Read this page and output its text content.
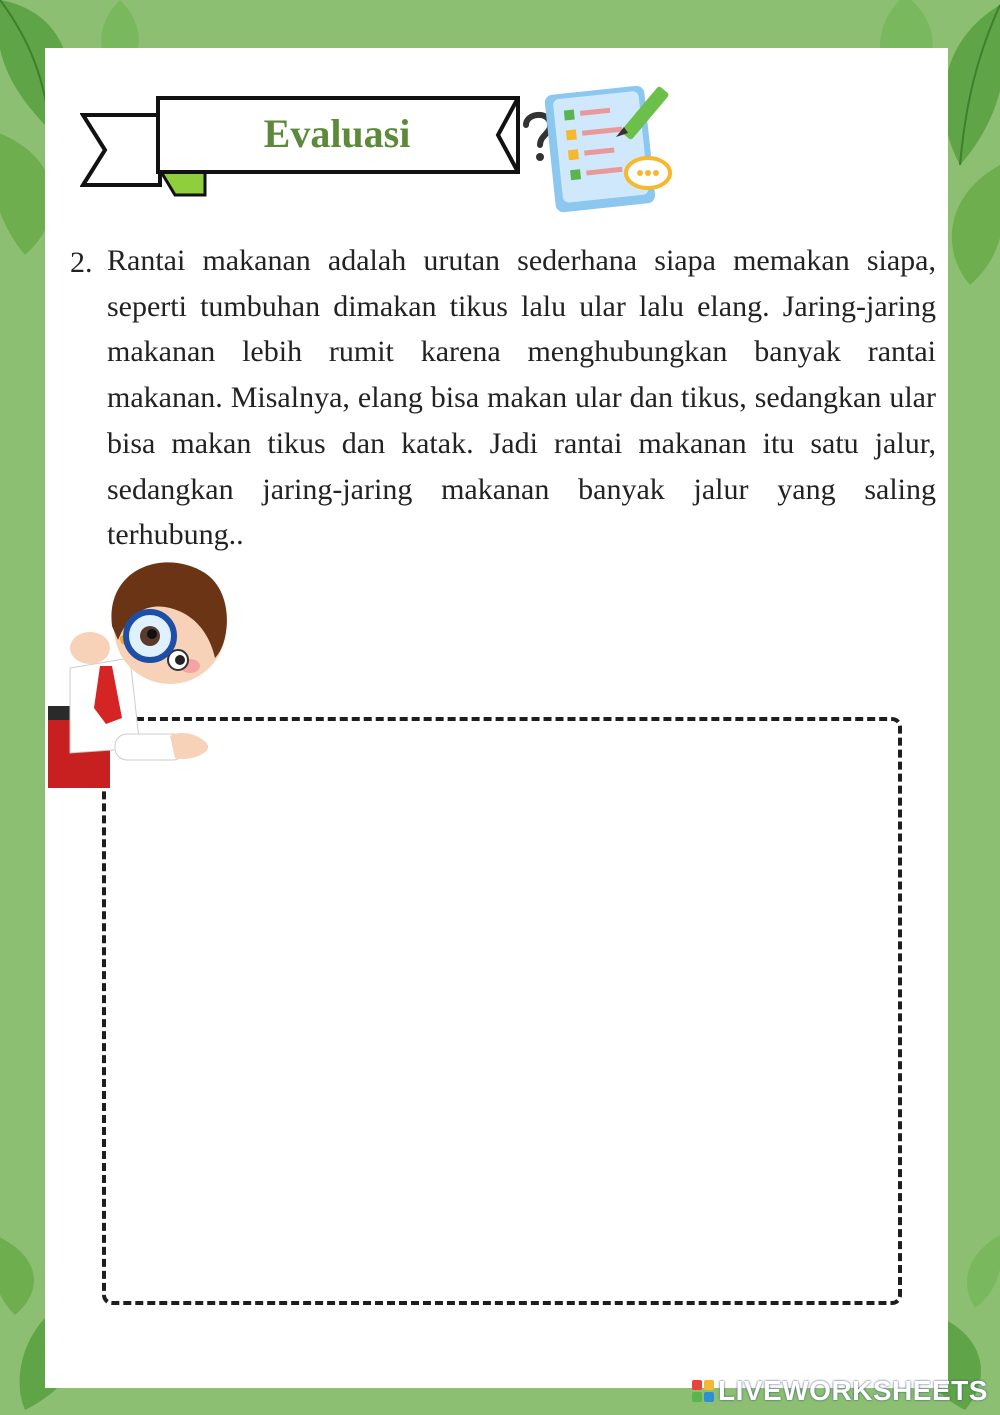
Evaluasi
2. Rantai makanan adalah urutan sederhana siapa memakan siapa, seperti tumbuhan dimakan tikus lalu ular lalu elang. Jaring-jaring makanan lebih rumit karena menghubungkan banyak rantai makanan. Misalnya, elang bisa makan ular dan tikus, sedangkan ular bisa makan tikus dan katak. Jadi rantai makanan itu satu jalur, sedangkan jaring-jaring makanan banyak jalur yang saling terhubung..

LIVEWORKSHEETS
